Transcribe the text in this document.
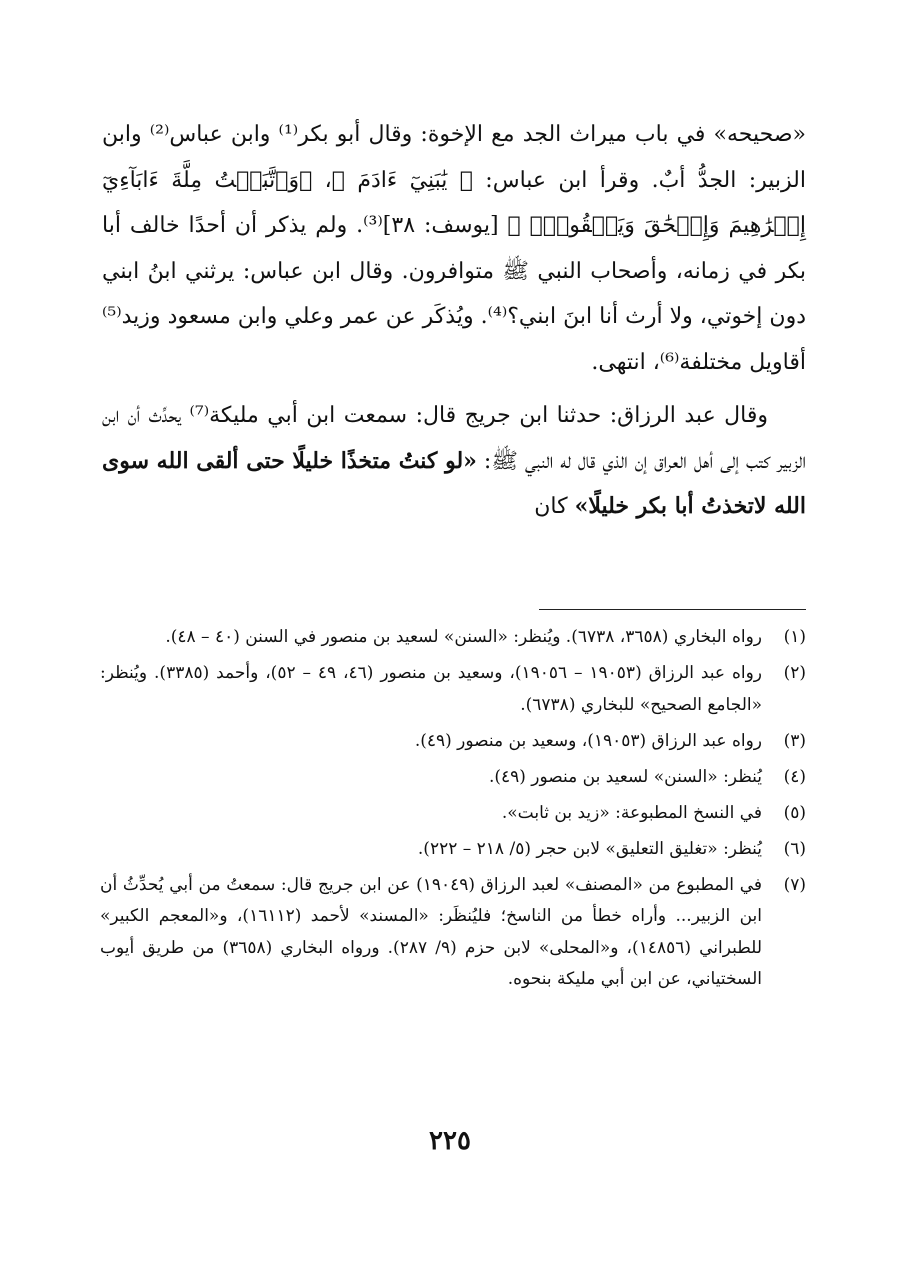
«صحيحه» في باب ميراث الجد مع الإخوة: وقال أبو بكر⁽¹⁾ وابن عباس⁽²⁾ وابن الزبير: الجدُّ أبٌ. وقرأ ابن عباس: ﴿ يَٰبَنِيٓ ءَادَمَ ﴾، ﴿وَٱتَّبَعۡتُ مِلَّةَ ءَابَآءِيٓ إِبۡرَٰهِيمَ وَإِسۡحَٰقَ وَيَعۡقُوبَۚ ﴾ [يوسف: ٣٨]⁽³⁾. ولم يذكر أن أحدًا خالف أبا بكر في زمانه، وأصحاب النبي ﷺ متوافرون. وقال ابن عباس: يرثني ابنُ ابني دون إخوتي، ولا أرث أنا ابنَ ابني؟⁽⁴⁾. ويُذكَر عن عمر وعلي وابن مسعود وزيد⁽⁵⁾ أقاويل مختلفة⁽⁶⁾، انتهى.

وقال عبد الرزاق: حدثنا ابن جريج قال: سمعت ابن أبي مليكة⁽⁷⁾ يحدِّث أن ابن الزبير كتب إلى أهل العراق إن الذي قال له النبي ﷺ: «لو كنتُ متخذًا خليلًا حتى ألقى الله سوى الله لاتخذتُ أبا بكر خليلًا» كان

(١)
رواه البخاري (٣٦٥٨، ٦٧٣٨). ويُنظر: «السنن» لسعيد بن منصور في السنن (٤٠ – ٤٨).
(٢)
رواه عبد الرزاق (١٩٠٥٣ – ١٩٠٥٦)، وسعيد بن منصور (٤٦، ٤٩ – ٥٢)، وأحمد (٣٣٨٥). ويُنظر: «الجامع الصحيح» للبخاري (٦٧٣٨).
(٣)
رواه عبد الرزاق (١٩٠٥٣)، وسعيد بن منصور (٤٩).
(٤)
يُنظر: «السنن» لسعيد بن منصور (٤٩).
(٥)
في النسخ المطبوعة: «زيد بن ثابت».
(٦)
يُنظر: «تغليق التعليق» لابن حجر (٥/ ٢١٨ – ٢٢٢).
(٧)
في المطبوع من «المصنف» لعبد الرزاق (١٩٠٤٩) عن ابن جريج قال: سمعتُ من أبي يُحدِّثُ أن ابن الزبير... وأراه خطأ من الناسخ؛ فليُنظَر: «المسند» لأحمد (١٦١١٢)، و«المعجم الكبير» للطبراني (١٤٨٥٦)، و«المحلى» لابن حزم (٩/ ٢٨٧). ورواه البخاري (٣٦٥٨) من طريق أيوب السختياني، عن ابن أبي مليكة بنحوه.
٢٢٥
